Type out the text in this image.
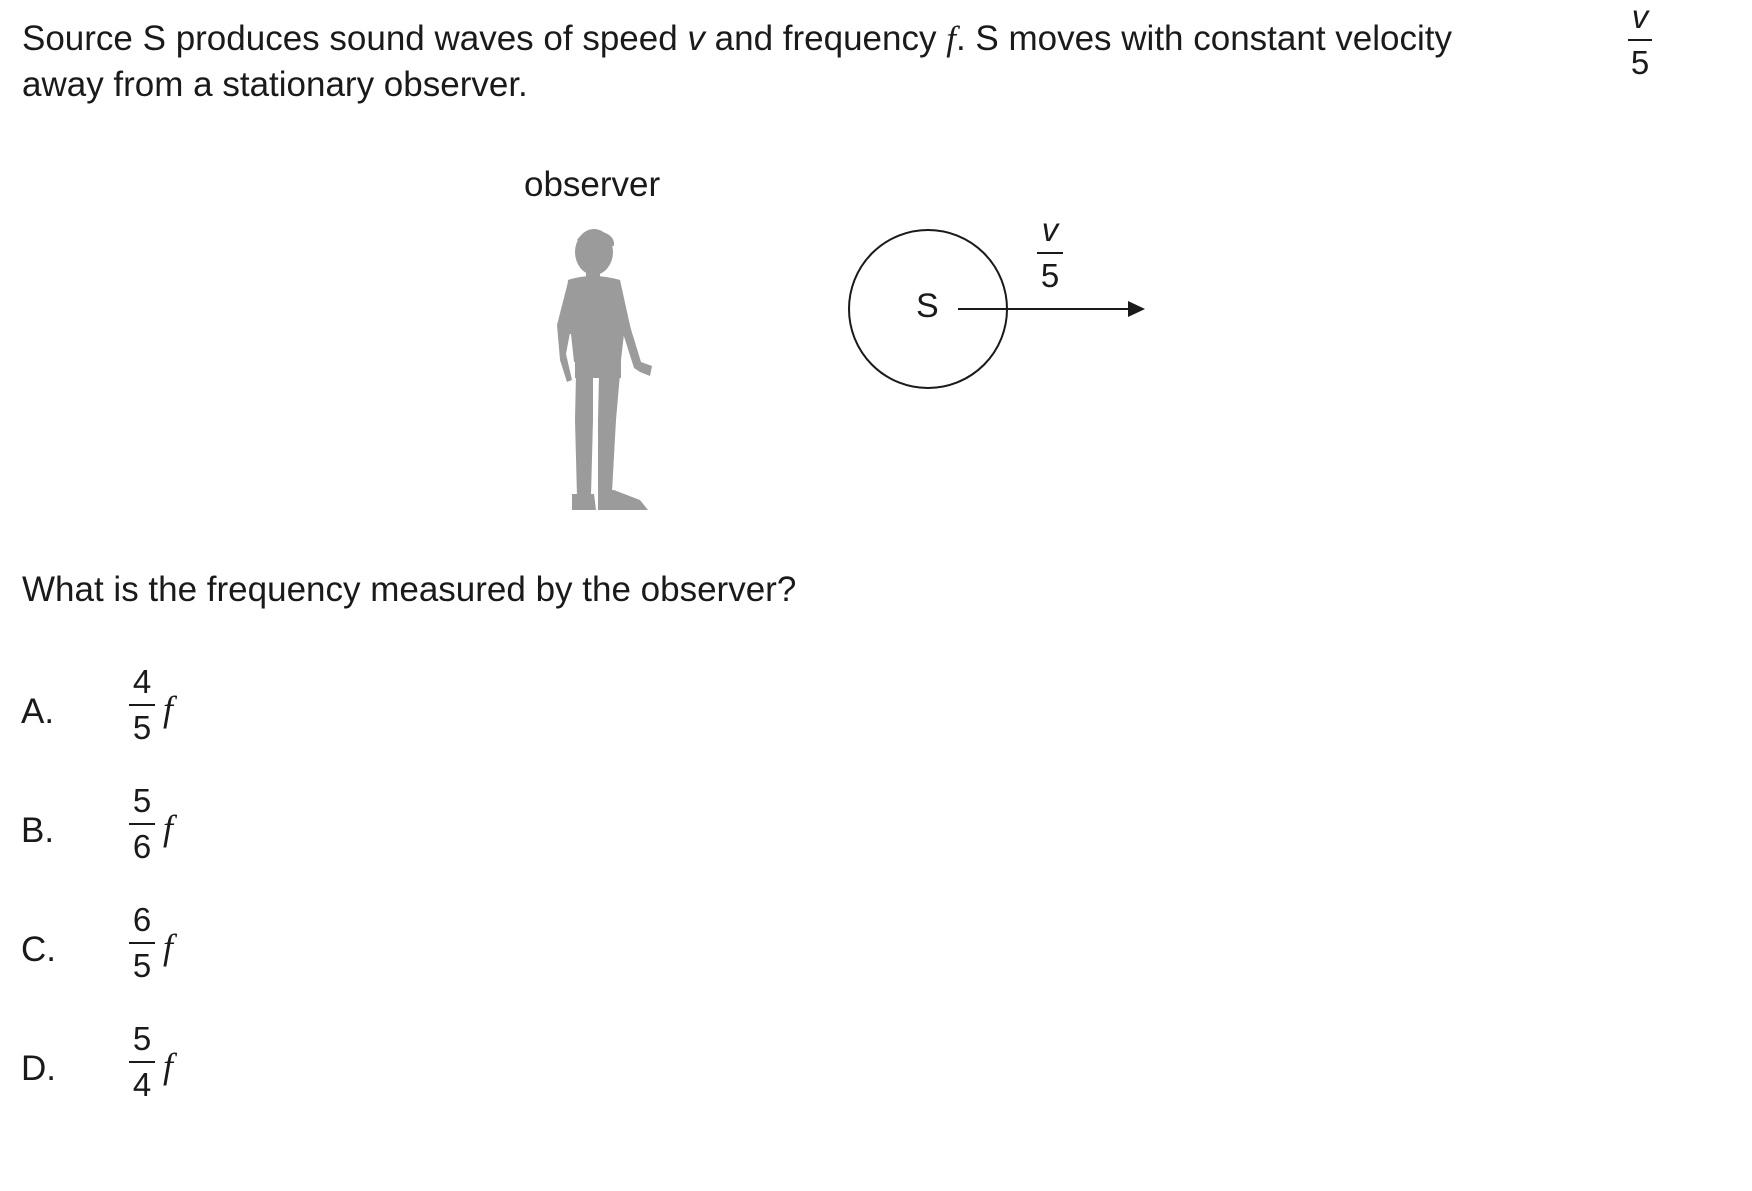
Source S produces sound waves of speed v and frequency f. S moves with constant velocity
v
5
away from a stationary observer.
observer
S
v
5
What is the frequency measured by the observer?
A.
4
5 f
B.
5
6 f
C.
6
5 f
D.
5
4 f
